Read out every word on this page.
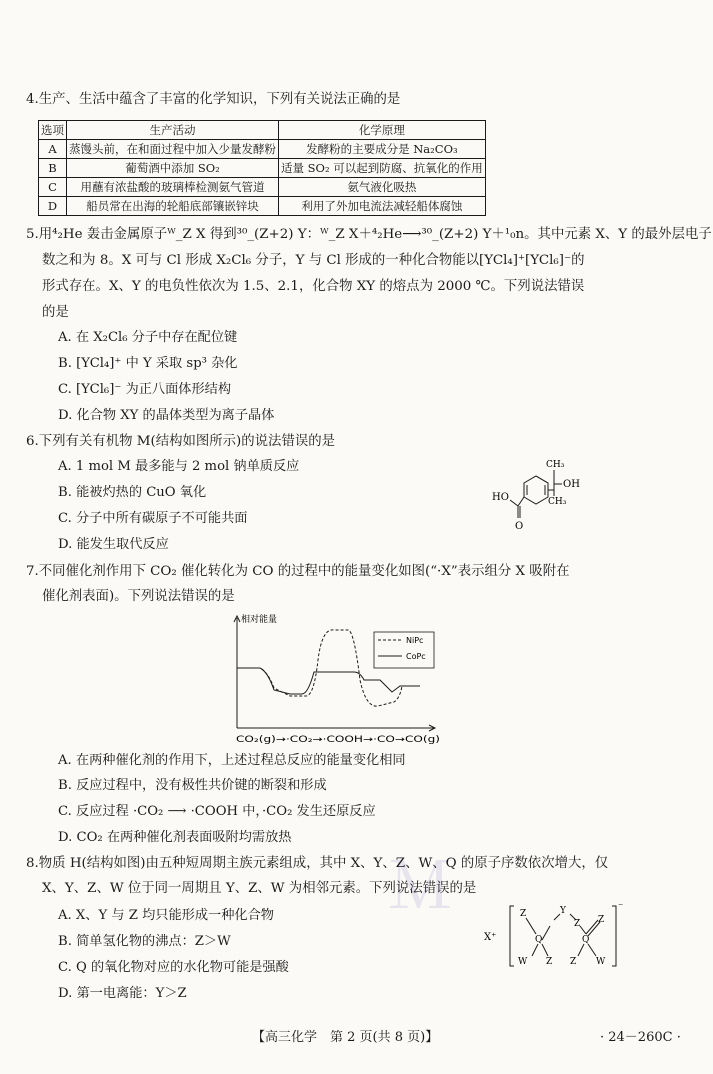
4.生产、生活中蕴含了丰富的化学知识，下列有关说法正确的是
选项	生产活动	化学原理
A	蒸馒头前，在和面过程中加入少量发酵粉	发酵粉的主要成分是 Na₂CO₃
B	葡萄酒中添加 SO₂	适量 SO₂ 可以起到防腐、抗氧化的作用
C	用蘸有浓盐酸的玻璃棒检测氨气管道	氨气液化吸热
D	船员常在出海的轮船底部镶嵌锌块	利用了外加电流法减轻船体腐蚀
5.用⁴₂He 轰击金属原子ᵂ_Z X 得到³⁰_(Z+2) Y：ᵂ_Z X＋⁴₂He⟶³⁰_(Z+2) Y＋¹₀n。其中元素 X、Y 的最外层电子
数之和为 8。X 可与 Cl 形成 X₂Cl₆ 分子，Y 与 Cl 形成的一种化合物能以[YCl₄]⁺[YCl₆]⁻的
形式存在。X、Y 的电负性依次为 1.5、2.1，化合物 XY 的熔点为 2000 ℃。下列说法错误
的是
A. 在 X₂Cl₆ 分子中存在配位键
B. [YCl₄]⁺ 中 Y 采取 sp³ 杂化
C. [YCl₆]⁻ 为正八面体形结构
D. 化合物 XY 的晶体类型为离子晶体
6.下列有关有机物 M(结构如图所示)的说法错误的是
A. 1 mol M 最多能与 2 mol 钠单质反应
B. 能被灼热的 CuO 氧化
C. 分子中所有碳原子不可能共面
D. 能发生取代反应
CH₃
OH
CH₃
HO
O
7.不同催化剂作用下 CO₂ 催化转化为 CO 的过程中的能量变化如图(“·X”表示组分 X 吸附在
催化剂表面)。下列说法错误的是
相对能量
NiPc
CoPc
CO₂(g)→·CO₂→·COOH→·CO→CO(g)
A. 在两种催化剂的作用下，上述过程总反应的能量变化相同
B. 反应过程中，没有极性共价键的断裂和形成
C. 反应过程 ·CO₂ ⟶ ·COOH 中，·CO₂ 发生还原反应
D. CO₂ 在两种催化剂表面吸附均需放热
Ｍ
8.物质 H(结构如图)由五种短周期主族元素组成，其中 X、Y、Z、W、Q 的原子序数依次增大，仅
X、Y、Z、W 位于同一周期且 Y、Z、W 为相邻元素。下列说法错误的是
A. X、Y 与 Z 均只能形成一种化合物
B. 简单氢化物的沸点：Z＞W
C. Q 的氧化物对应的水化物可能是强酸
D. 第一电离能：Y＞Z
X⁺
Z	Y
Z
Q	Q
Z
W Z Z W
⁻
【高三化学　第 2 页(共 8 页)】	· 24－260C ·
